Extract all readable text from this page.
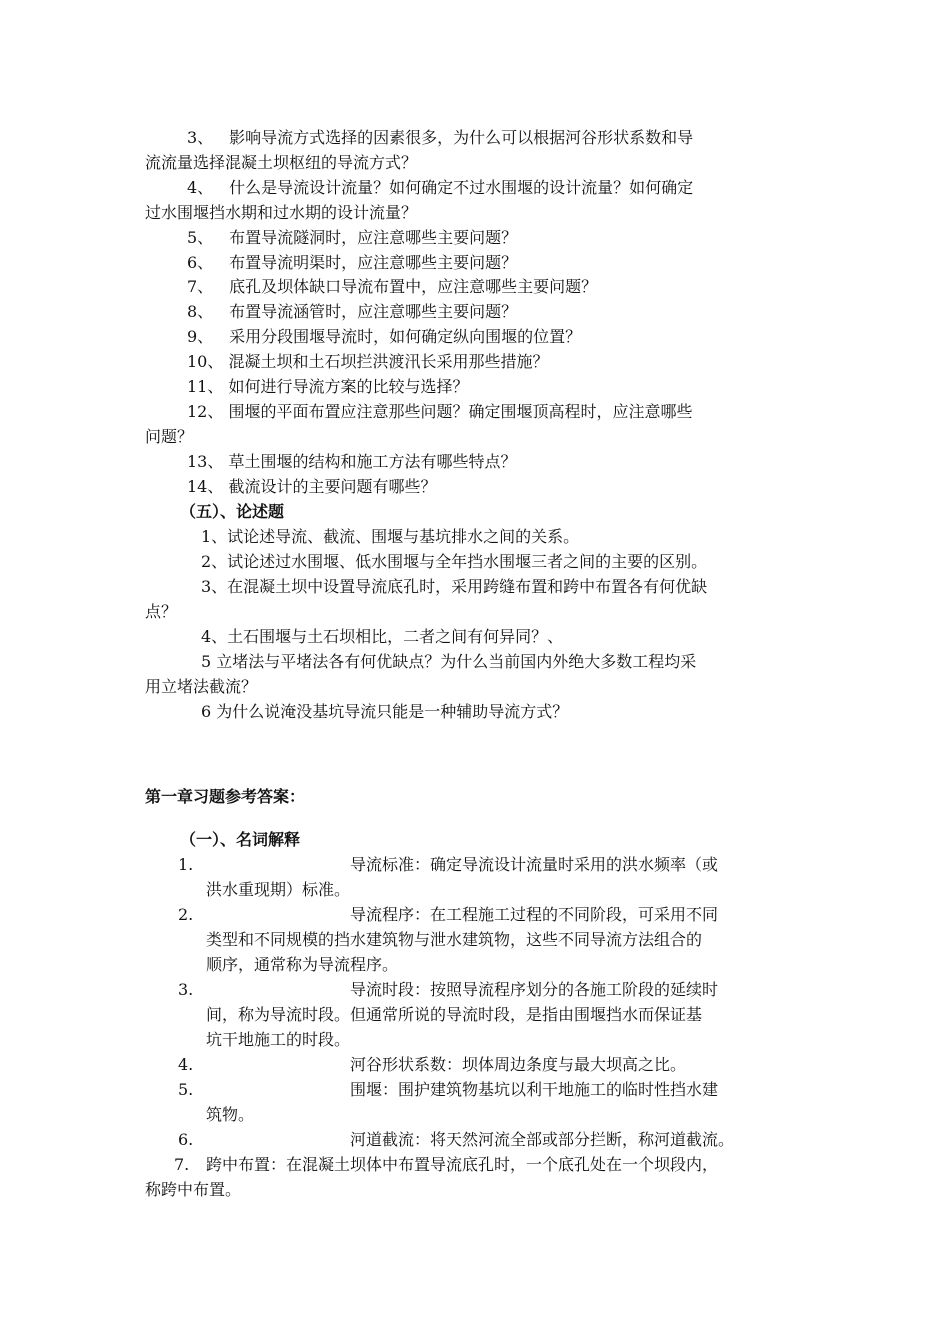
3、 影响导流方式选择的因素很多，为什么可以根据河谷形状系数和导
流流量选择混凝土坝枢纽的导流方式？
4、 什么是导流设计流量？如何确定不过水围堰的设计流量？如何确定
过水围堰挡水期和过水期的设计流量？
5、 布置导流隧洞时，应注意哪些主要问题？
6、 布置导流明渠时，应注意哪些主要问题？
7、 底孔及坝体缺口导流布置中，应注意哪些主要问题？
8、 布置导流涵管时，应注意哪些主要问题？
9、 采用分段围堰导流时，如何确定纵向围堰的位置？
10、 混凝土坝和土石坝拦洪渡汛长采用那些措施？
11、 如何进行导流方案的比较与选择？
12、 围堰的平面布置应注意那些问题？确定围堰顶高程时，应注意哪些
问题？
13、 草土围堰的结构和施工方法有哪些特点？
14、 截流设计的主要问题有哪些？
（五）、论述题
1、试论述导流、截流、围堰与基坑排水之间的关系。
2、试论述过水围堰、低水围堰与全年挡水围堰三者之间的主要的区别。
3、在混凝土坝中设置导流底孔时，采用跨缝布置和跨中布置各有何优缺
点？
4、土石围堰与土石坝相比，二者之间有何异同？、
5 立堵法与平堵法各有何优缺点？为什么当前国内外绝大多数工程均采
用立堵法截流？
6 为什么说淹没基坑导流只能是一种辅助导流方式？
第一章习题参考答案：
（一）、名词解释
1.	导流标准：确定导流设计流量时采用的洪水频率（或
洪水重现期）标准。
2.	导流程序：在工程施工过程的不同阶段，可采用不同
类型和不同规模的挡水建筑物与泄水建筑物，这些不同导流方法组合的
顺序，通常称为导流程序。
3.	导流时段：按照导流程序划分的各施工阶段的延续时
间，称为导流时段。但通常所说的导流时段，是指由围堰挡水而保证基
坑干地施工的时段。
4.	河谷形状系数：坝体周边条度与最大坝高之比。
5.	围堰：围护建筑物基坑以利干地施工的临时性挡水建
筑物。
6.	河道截流：将天然河流全部或部分拦断，称河道截流。
7. 跨中布置：在混凝土坝体中布置导流底孔时，一个底孔处在一个坝段内，
称跨中布置。
